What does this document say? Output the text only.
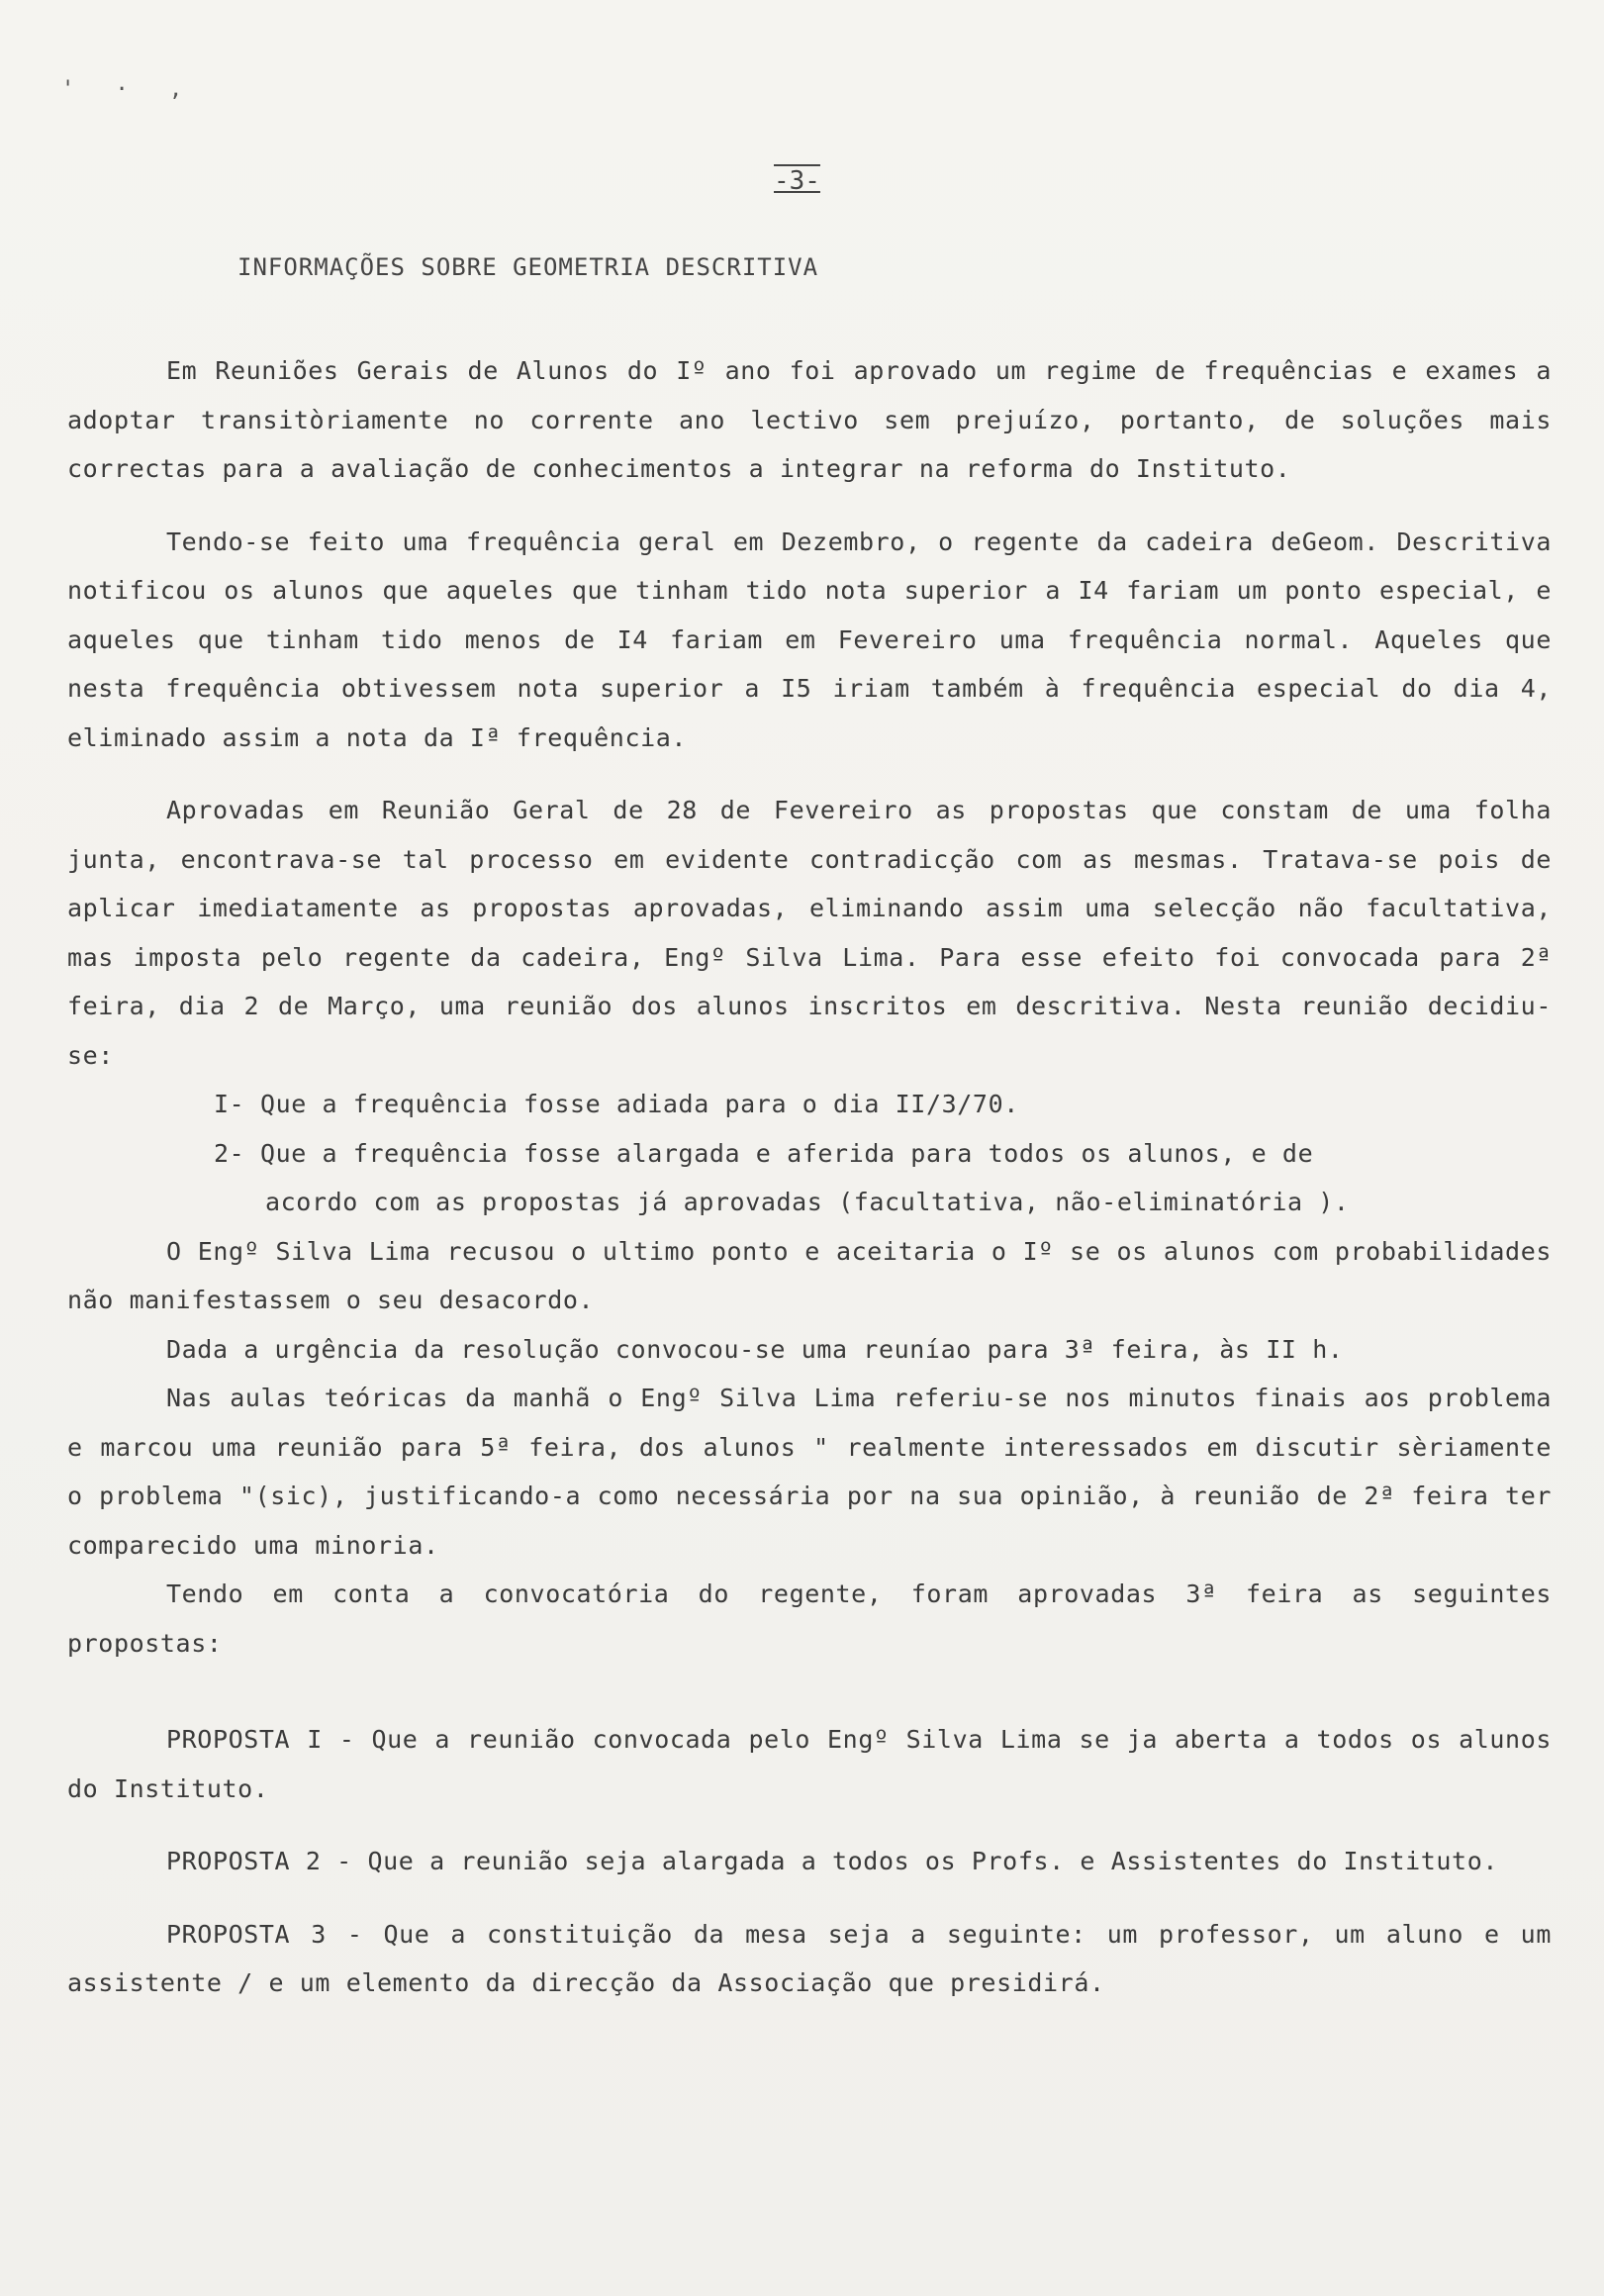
' · ,
-3-
INFORMAÇÕES SOBRE GEOMETRIA DESCRITIVA

Em Reuniões Gerais de Alunos do Iº ano foi aprovado um regime de frequências e exames a adoptar transitòriamente no corrente ano lectivo sem prejuízo, portanto, de soluções mais correctas para a avaliação de conhecimentos a integrar na reforma do Instituto.

Tendo-se feito uma frequência geral em Dezembro, o regente da cadeira deGeom. Descritiva notificou os alunos que aqueles que tinham tido nota superior a I4 fariam um ponto especial, e aqueles que tinham tido menos de I4 fariam em Fevereiro uma frequência normal. Aqueles que nesta frequência obtivessem nota superior a I5 iriam também à frequência especial do dia 4, eliminado assim a nota da Iª frequência.

Aprovadas em Reunião Geral de 28 de Fevereiro as propostas que constam de uma folha junta, encontrava-se tal processo em evidente contradicção com as mesmas. Tratava-se pois de aplicar imediatamente as propostas aprovadas, eliminando assim uma selecção não facultativa, mas imposta pelo regente da cadeira, Engº Silva Lima. Para esse efeito foi convocada para 2ª feira, dia 2 de Março, uma reunião dos alunos inscritos em descritiva. Nesta reunião decidiu-se:

I- Que a frequência fosse adiada para o dia II/3/70.

2- Que a frequência fosse alargada e aferida para todos os alunos, e de

acordo com as propostas já aprovadas (facultativa, não-eliminatória ).

O Engº Silva Lima recusou o ultimo ponto e aceitaria o Iº se os alunos com probabilidades não manifestassem o seu desacordo.

Dada a urgência da resolução convocou-se uma reuníao para 3ª feira, às II h.

Nas aulas teóricas da manhã o Engº Silva Lima referiu-se nos minutos finais aos problema e marcou uma reunião para 5ª feira, dos alunos " realmente interessados em discutir sèriamente o problema "(sic), justificando-a como necessária por na sua opinião, à reunião de 2ª feira ter comparecido uma minoria.

Tendo em conta a convocatória do regente, foram aprovadas 3ª feira as seguintes propostas:

PROPOSTA I - Que a reunião convocada pelo Engº Silva Lima se ja aberta a todos os alunos do Instituto.

PROPOSTA 2 - Que a reunião seja alargada a todos os Profs. e Assistentes do Instituto.

PROPOSTA 3 - Que a constituição da mesa seja a seguinte: um professor, um aluno e um assistente / e um elemento da direcção da Associação que presidirá.
